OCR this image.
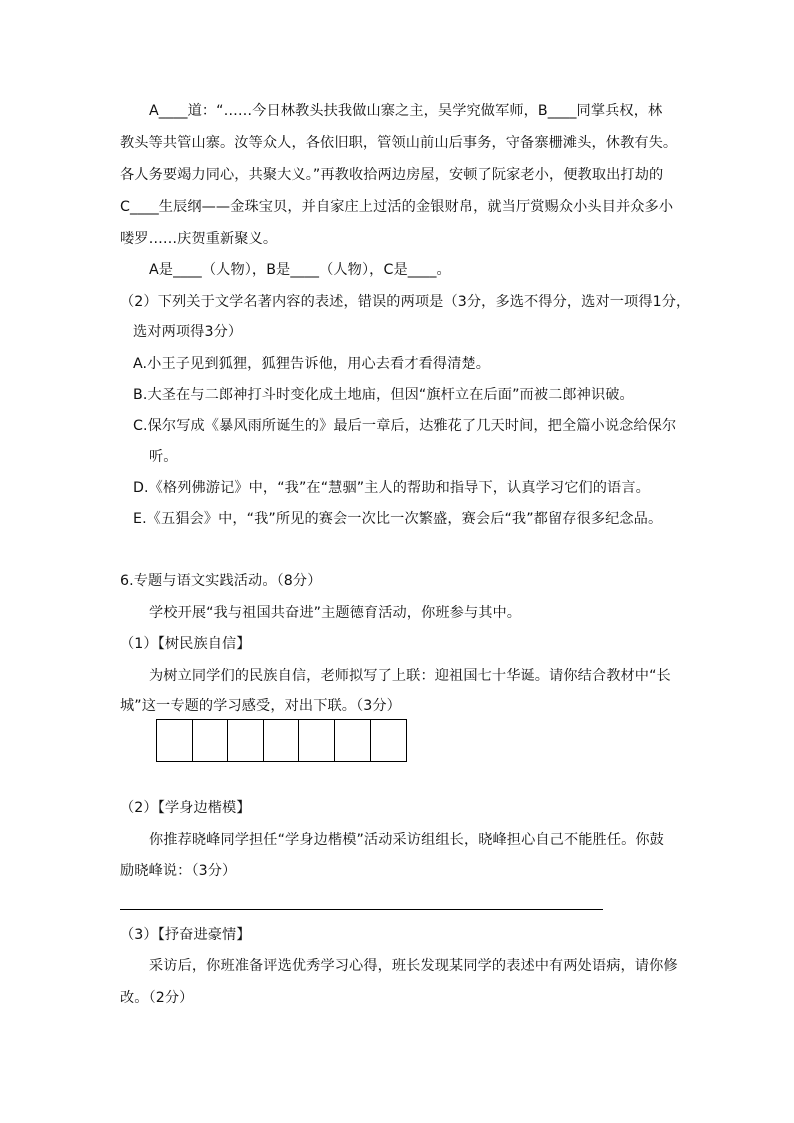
A____道：“……今日林教头扶我做山寨之主，吴学究做军师，B____同掌兵权，林
教头等共管山寨。汝等众人，各依旧职，管领山前山后事务，守备寨栅滩头，休教有失。
各人务要竭力同心，共聚大义。”再教收拾两边房屋，安顿了阮家老小，便教取出打劫的
C____生辰纲——金珠宝贝，并自家庄上过活的金银财帛，就当厅赏赐众小头目并众多小
喽罗……庆贺重新聚义。
A是____（人物），B是____（人物），C是____。
（2）下列关于文学名著内容的表述，错误的两项是（3分，多选不得分，选对一项得1分，
选对两项得3分）
A.小王子见到狐狸，狐狸告诉他，用心去看才看得清楚。
B.大圣在与二郎神打斗时变化成土地庙，但因“旗杆立在后面”而被二郎神识破。
C.保尔写成《暴风雨所诞生的》最后一章后，达雅花了几天时间，把全篇小说念给保尔
听。
D.《格列佛游记》中，“我”在“慧骃”主人的帮助和指导下，认真学习它们的语言。
E.《五猖会》中，“我”所见的赛会一次比一次繁盛，赛会后“我”都留存很多纪念品。
6.专题与语文实践活动。（8分）
学校开展“我与祖国共奋进”主题德育活动，你班参与其中。
（1）【树民族自信】
为树立同学们的民族自信，老师拟写了上联：迎祖国七十华诞。请你结合教材中“长
城”这一专题的学习感受，对出下联。（3分）
（2）【学身边楷模】
你推荐晓峰同学担任“学身边楷模”活动采访组组长，晓峰担心自己不能胜任。你鼓
励晓峰说：（3分）
（3）【抒奋进豪情】
采访后，你班准备评选优秀学习心得，班长发现某同学的表述中有两处语病，请你修
改。（2分）
